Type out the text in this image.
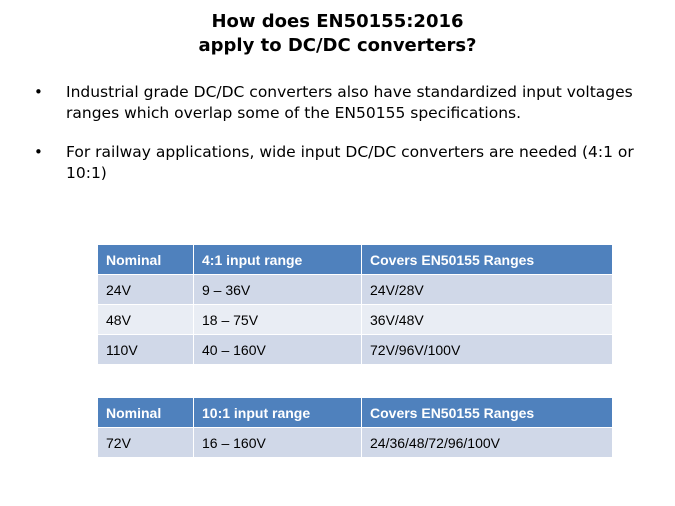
How does EN50155:2016
apply to DC/DC converters?
• Industrial grade DC/DC converters also have standardized input voltages ranges which overlap some of the EN50155 specifications.
• For railway applications, wide input DC/DC converters are needed (4:1 or 10:1)
Nominal	4:1 input range	Covers EN50155 Ranges
24V	9 – 36V	24V/28V
48V	18 – 75V	36V/48V
110V	40 – 160V	72V/96V/100V
Nominal	10:1 input range	Covers EN50155 Ranges
72V	16 – 160V	24/36/48/72/96/100V
